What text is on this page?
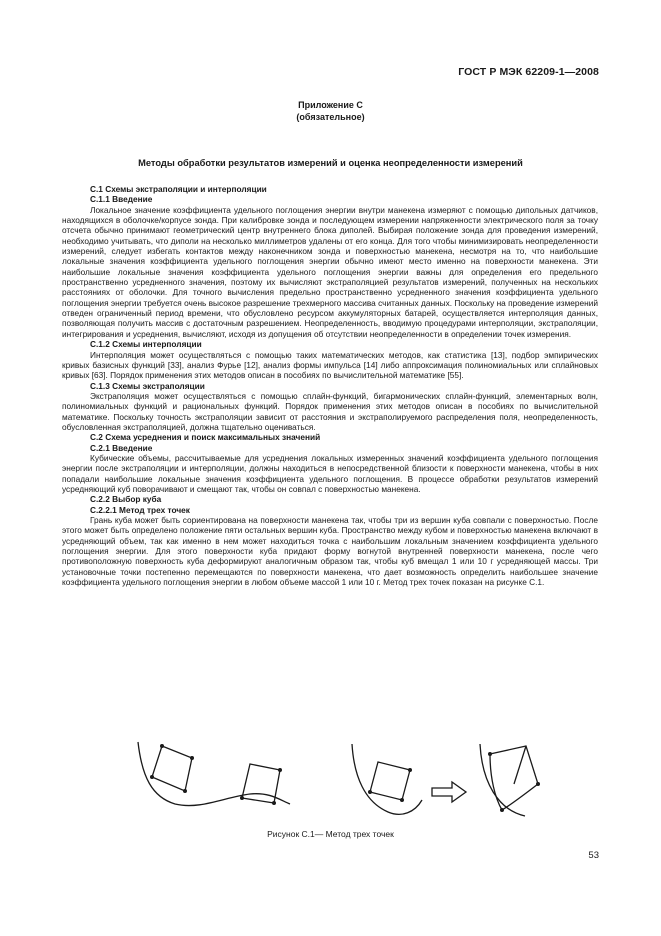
ГОСТ Р МЭК 62209-1—2008
Приложение С
(обязательное)
Методы обработки результатов измерений и оценка неопределенности измерений

С.1 Схемы экстраполяции и интерполяции

С.1.1 Введение

Локальное значение коэффициента удельного поглощения энергии внутри манекена измеряют с помощью дипольных датчиков, находящихся в оболочке/корпусе зонда. При калибровке зонда и последующем измерении напряженности электрического поля за точку отсчета обычно принимают геометрический центр внутреннего блока диполей. Выбирая положение зонда для проведения измерений, необходимо учитывать, что диполи на несколько миллиметров удалены от его конца. Для того чтобы минимизировать неопределенности измерений, следует избегать контактов между наконечником зонда и поверхностью манекена, несмотря на то, что наибольшие локальные значения коэффициента удельного поглощения энергии обычно имеют место именно на поверхности манекена. Эти наибольшие локальные значения коэффициента удельного поглощения энергии важны для определения его предельного пространственно усредненного значения, поэтому их вычисляют экстраполяцией результатов измерений, полученных на нескольких расстояниях от оболочки. Для точного вычисления предельно пространственно усредненного значения коэффициента удельного поглощения энергии требуется очень высокое разрешение трехмерного массива считанных данных. Поскольку на проведение измерений отведен ограниченный период времени, что обусловлено ресурсом аккумуляторных батарей, осуществляется интерполяция данных, позволяющая получить массив с достаточным разрешением. Неопределенность, вводимую процедурами интерполяции, экстраполяции, интегрирования и усреднения, вычисляют, исходя из допущения об отсутствии неопределенности в определении точек измерения.

С.1.2 Схемы интерполяции

Интерполяция может осуществляться с помощью таких математических методов, как статистика [13], подбор эмпирических кривых базисных функций [33], анализ Фурье [12], анализ формы импульса [14] либо аппроксимация полиномиальных или сплайновых кривых [63]. Порядок применения этих методов описан в пособиях по вычислительной математике [55].

С.1.3 Схемы экстраполяции

Экстраполяция может осуществляться с помощью сплайн-функций, бигармонических сплайн-функций, элементарных волн, полиномиальных функций и рациональных функций. Порядок применения этих методов описан в пособиях по вычислительной математике. Поскольку точность экстраполяции зависит от расстояния и экстраполируемого распределения поля, неопределенность, обусловленная экстраполяцией, должна тщательно оцениваться.

С.2 Схема усреднения и поиск максимальных значений

С.2.1 Введение

Кубические объемы, рассчитываемые для усреднения локальных измеренных значений коэффициента удельного поглощения энергии после экстраполяции и интерполяции, должны находиться в непосредственной близости к поверхности манекена, чтобы в них попадали наибольшие локальные значения коэффициента удельного поглощения. В процессе обработки результатов измерений усредняющий куб поворачивают и смещают так, чтобы он совпал с поверхностью манекена.

С.2.2 Выбор куба

С.2.2.1 Метод трех точек

Грань куба может быть сориентирована на поверхности манекена так, чтобы три из вершин куба совпали с поверхностью. После этого может быть определено положение пяти остальных вершин куба. Пространство между кубом и поверхностью манекена включают в усредняющий объем, так как именно в нем может находиться точка с наибольшим локальным значением коэффициента удельного поглощения энергии. Для этого поверхности куба придают форму вогнутой внутренней поверхности манекена, после чего противоположную поверхность куба деформируют аналогичным образом так, чтобы куб вмещал 1 или 10 г усредняющей массы. Три установочные точки постепенно перемещаются по поверхности манекена, что дает возможность определить наибольшее значение коэффициента удельного поглощения энергии в любом объеме массой 1 или 10 г. Метод трех точек показан на рисунке С.1.

Рисунок С.1— Метод трех точек
53
